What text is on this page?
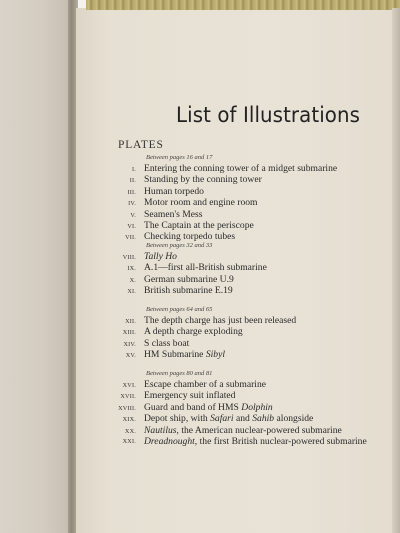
List of Illustrations
PLATES

Between pages 16 and 17

I. Entering the conning tower of a midget submarine
II. Standing by the conning tower
III. Human torpedo
IV. Motor room and engine room
V. Seamen's Mess
VI. The Captain at the periscope
VII. Checking torpedo tubes

Between pages 32 and 33

VIII. Tally Ho
IX. A.1—first all-British submarine
X. German submarine U.9
XI. British submarine E.19

Between pages 64 and 65

XII. The depth charge has just been released
XIII. A depth charge exploding
XIV. S class boat
XV. HM Submarine Sibyl

Between pages 80 and 81

XVI. Escape chamber of a submarine
XVII. Emergency suit inflated
XVIII. Guard and band of HMS Dolphin
XIX. Depot ship, with Safari and Sahib alongside
XX. Nautilus, the American nuclear-powered submarine
XXI. Dreadnought, the first British nuclear-powered submarine
